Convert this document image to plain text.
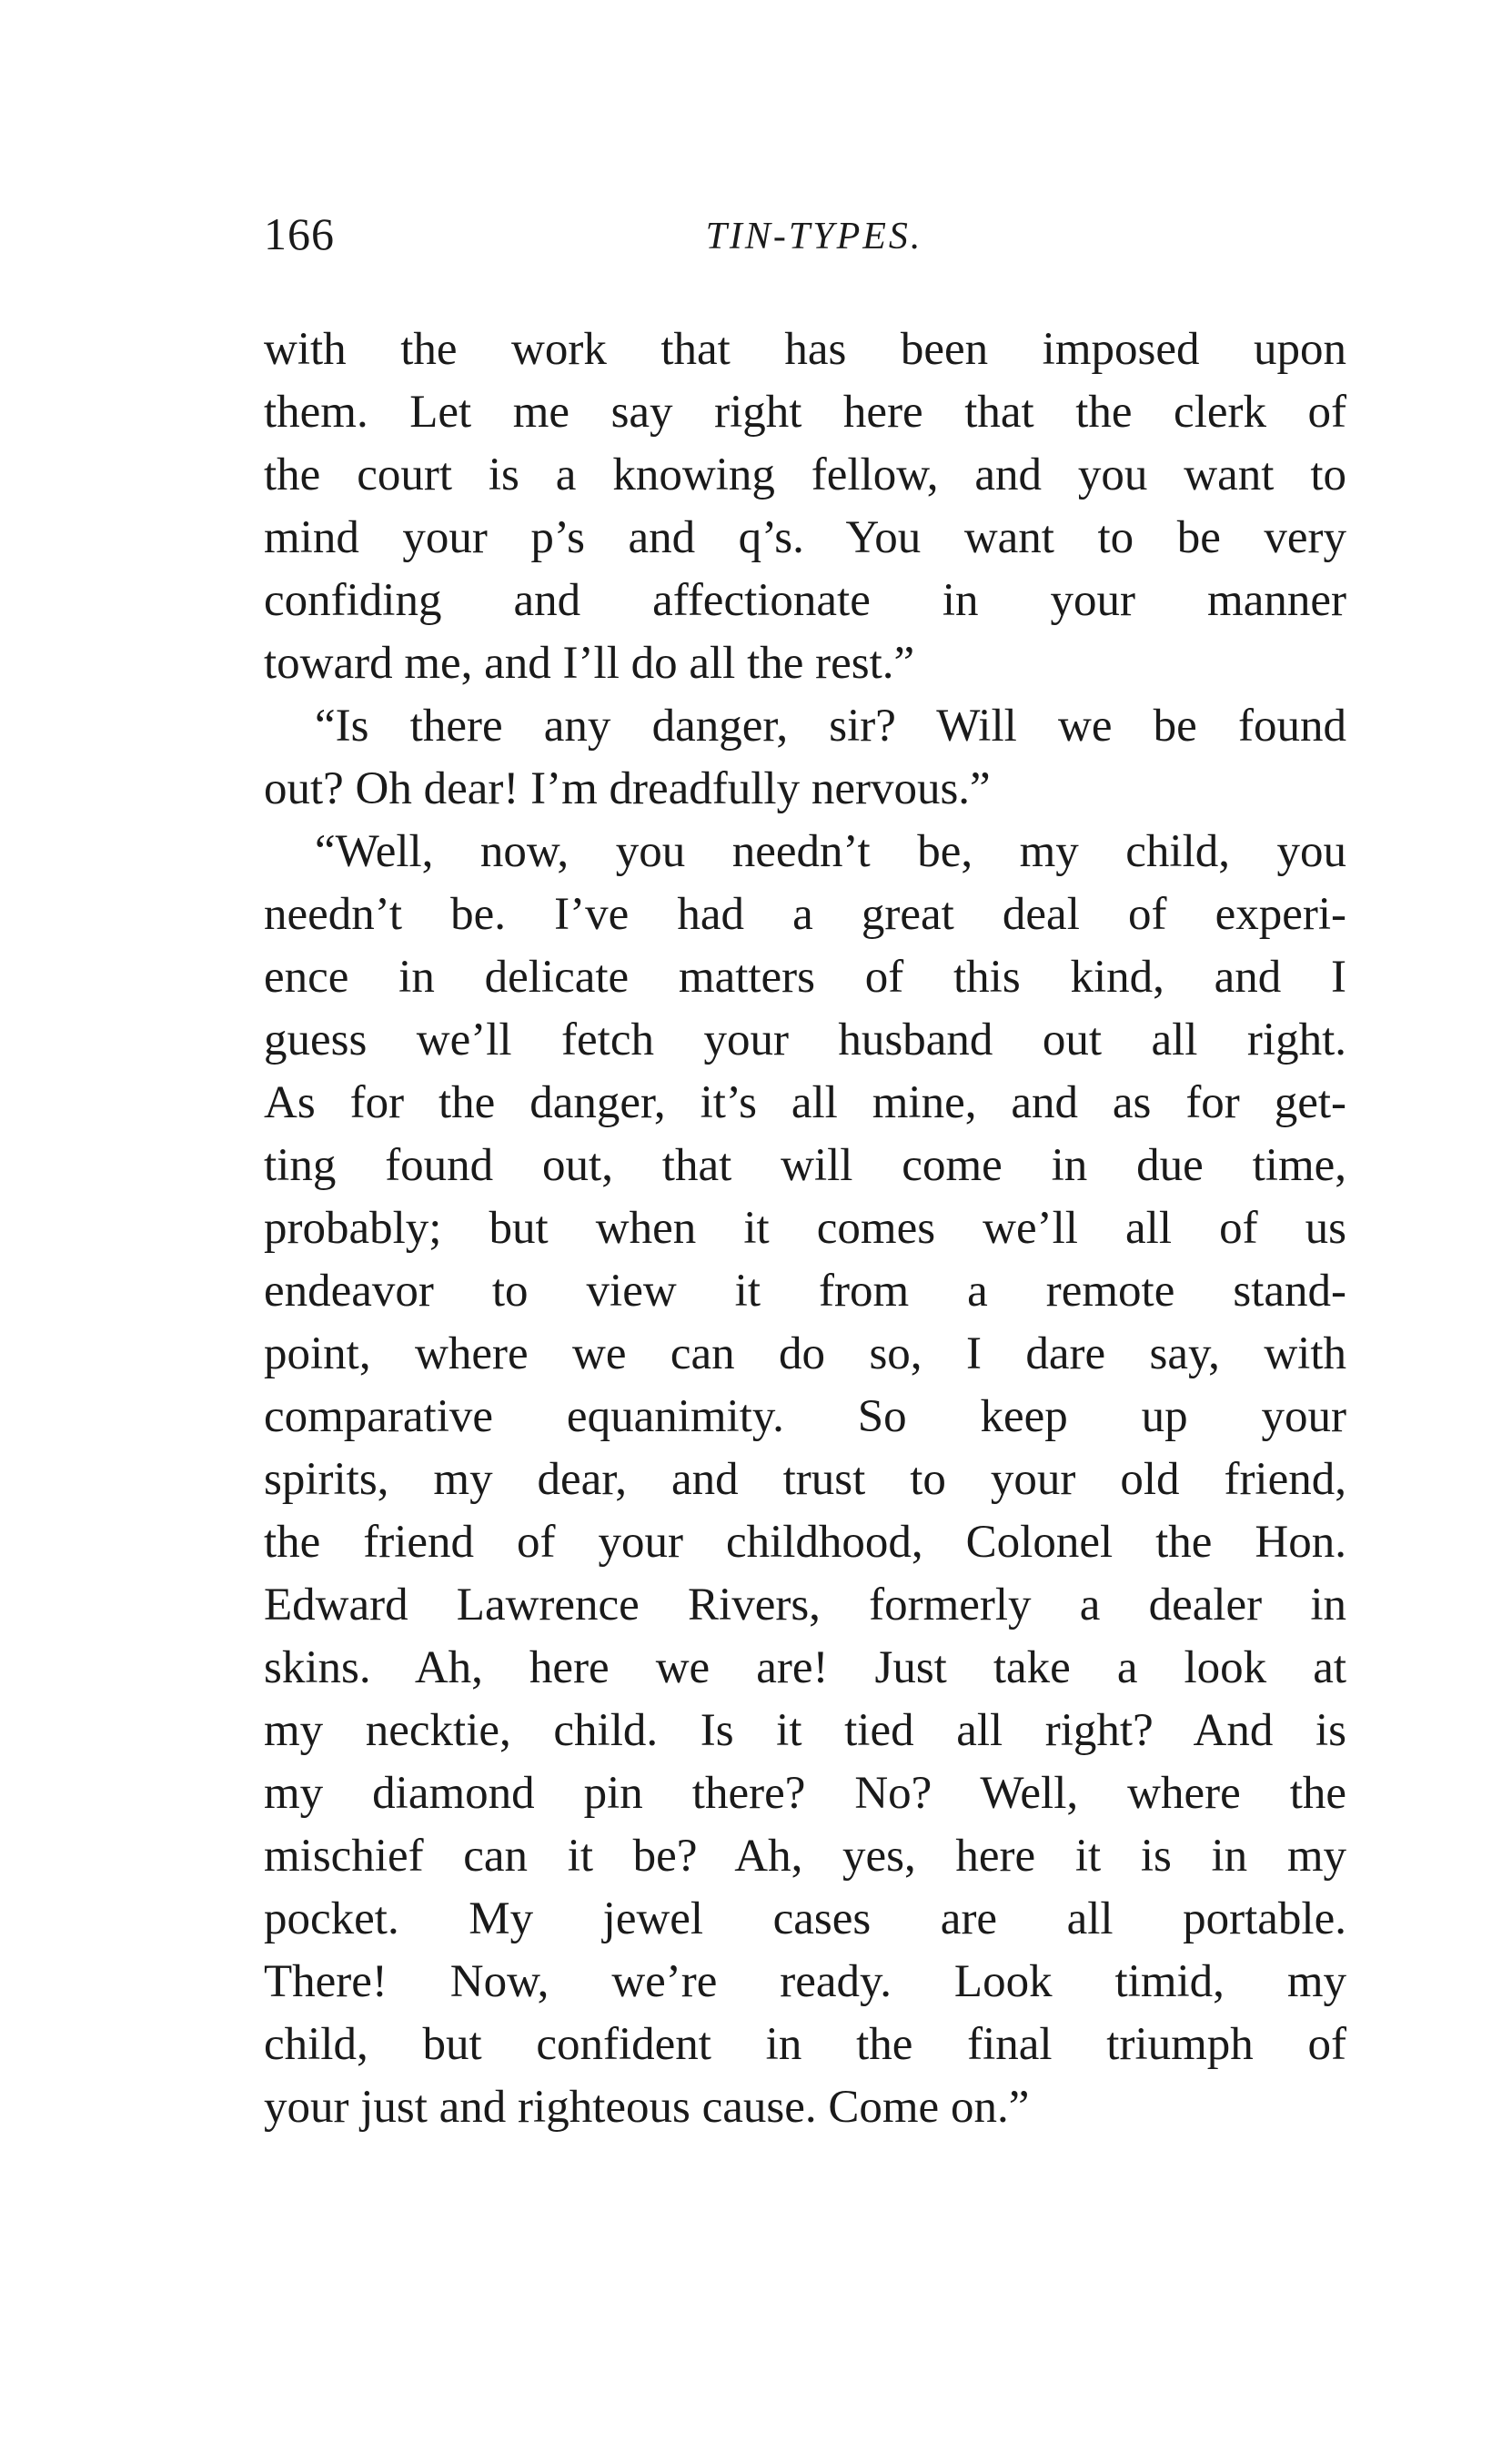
166	TIN-TYPES.
with the work that has been imposed upon
them. Let me say right here that the clerk of
the court is a knowing fellow, and you want to
mind your p’s and q’s. You want to be very
confiding and affectionate in your manner
toward me, and I’ll do all the rest.”
“Is there any danger, sir? Will we be found
out? Oh dear! I’m dreadfully nervous.”
“Well, now, you needn’t be, my child, you
needn’t be. I’ve had a great deal of experi-
ence in delicate matters of this kind, and I
guess we’ll fetch your husband out all right.
As for the danger, it’s all mine, and as for get-
ting found out, that will come in due time,
probably; but when it comes we’ll all of us
endeavor to view it from a remote stand-
point, where we can do so, I dare say, with
comparative equanimity. So keep up your
spirits, my dear, and trust to your old friend,
the friend of your childhood, Colonel the Hon.
Edward Lawrence Rivers, formerly a dealer in
skins. Ah, here we are! Just take a look at
my necktie, child. Is it tied all right? And is
my diamond pin there? No? Well, where the
mischief can it be? Ah, yes, here it is in my
pocket. My jewel cases are all portable.
There! Now, we’re ready. Look timid, my
child, but confident in the final triumph of
your just and righteous cause. Come on.”
